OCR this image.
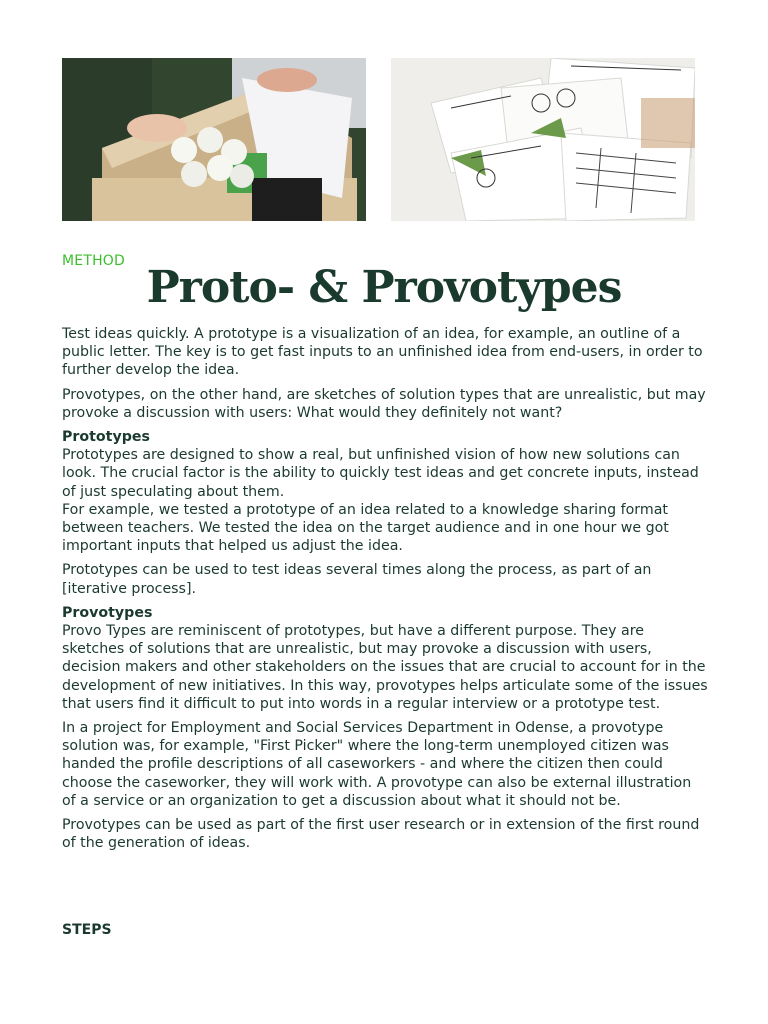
METHOD
Proto- & Provotypes

Test ideas quickly. A prototype is a visualization of an idea, for example, an outline of a public letter. The key is to get fast inputs to an unfinished idea from end-users, in order to further develop the idea.

Provotypes, on the other hand, are sketches of solution types that are unrealistic, but may provoke a discussion with users: What would they definitely not want?

Prototypes

Prototypes are designed to show a real, but unfinished vision of how new solutions can look. The crucial factor is the ability to quickly test ideas and get concrete inputs, instead of just speculating about them.

For example, we tested a prototype of an idea related to a knowledge sharing format between teachers. We tested the idea on the target audience and in one hour we got important inputs that helped us adjust the idea.

Prototypes can be used to test ideas several times along the process, as part of an [iterative process].

Provotypes

Provo Types are reminiscent of prototypes, but have a different purpose. They are sketches of solutions that are unrealistic, but may provoke a discussion with users, decision makers and other stakeholders on the issues that are crucial to account for in the development of new initiatives. In this way, provotypes helps articulate some of the issues that users find it difficult to put into words in a regular interview or a prototype test.

In a project for Employment and Social Services Department in Odense, a provotype solution was, for example, "First Picker" where the long-term unemployed citizen was handed the profile descriptions of all caseworkers - and where the citizen then could choose the caseworker, they will work with. A provotype can also be external illustration of a service or an organization to get a discussion about what it should not be.

Provotypes can be used as part of the first user research or in extension of the first round of the generation of ideas.

STEPS
